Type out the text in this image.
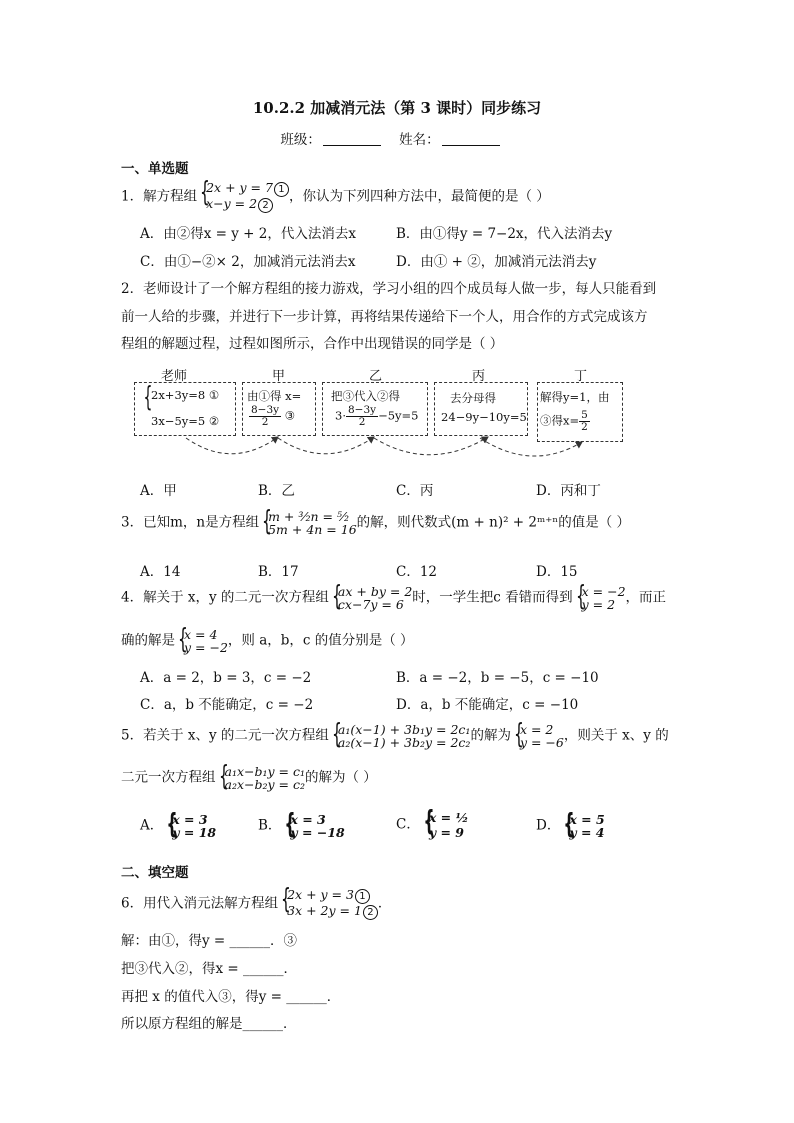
10.2.2 加减消元法（第 3 课时）同步练习
班级：	姓名：
一、单选题
1．解方程组 {
2x + y = 7 1
x−y = 2 2
，你认为下列四种方法中，最简便的是（ ）
A．由②得x = y + 2，代入法消去x	B．由①得y = 7−2x，代入法消去y
C．由①−②× 2，加减消元法消去x	D．由① + ②，加减消元法消去y
2．老师设计了一个解方程组的接力游戏，学习小组的四个成员每人做一步，每人只能看到
前一人给的步骤，并进行下一步计算，再将结果传递给下一个人，用合作的方式完成该方
程组的解题过程，过程如图所示，合作中出现错误的同学是（ ）
老师	甲	乙	丙	丁
{
2x+3y=8 ①
3x−5y=5 ②
由①得 x=
$\frac{8-3y}{2}$ ③
把③代入②得
$3\cdot \frac{8-3y}{2} -5y=5$
去分母得
24−9y−10y=5
解得y=1，由
③得$x= \frac{5}{2}$
A．甲	B．乙	C．丙	D．丙和丁
3．已知m，n是方程组 {
m + ³⁄₂n = ⁵⁄₂
5m + 4n = 16 的解，则代数式(m + n)² + 2ᵐ⁺ⁿ的值是（ ）
A．14	B．17	C．12	D．15
4．解关于 x，y 的二元一次方程组 {
ax + by = 2
cx−7y = 6 时，一学生把c 看错而得到 {
x = −2
y = 2 ，而正
确的解是 {
x = 4
y = −2 ，则 a，b，c 的值分别是（ ）
A．a = 2，b = 3，c = −2	B．a = −2，b = −5，c = −10
C．a，b 不能确定，c = −2	D．a，b 不能确定，c = −10
5．若关于 x、y 的二元一次方程组 {
a₁(x−1) + 3b₁y = 2c₁
a₂(x−1) + 3b₂y = 2c₂ 的解为 {
x = 2
y = −6 ，则关于 x、y 的
二元一次方程组 {
a₁x−b₁y = c₁
a₂x−b₂y = c₂ 的解为（ ）
A． {
x = 3
y = 18	B． {
x = 3
y = −18	C． {
x = ½
y = 9	D． {
x = 5
y = 4
二、填空题
6．用代入消元法解方程组 {
2x + y = 3 1
3x + 2y = 1 2
．
解：由①，得y = ______．③
把③代入②，得x = ______．
再把 x 的值代入③，得y = ______．
所以原方程组的解是______．
